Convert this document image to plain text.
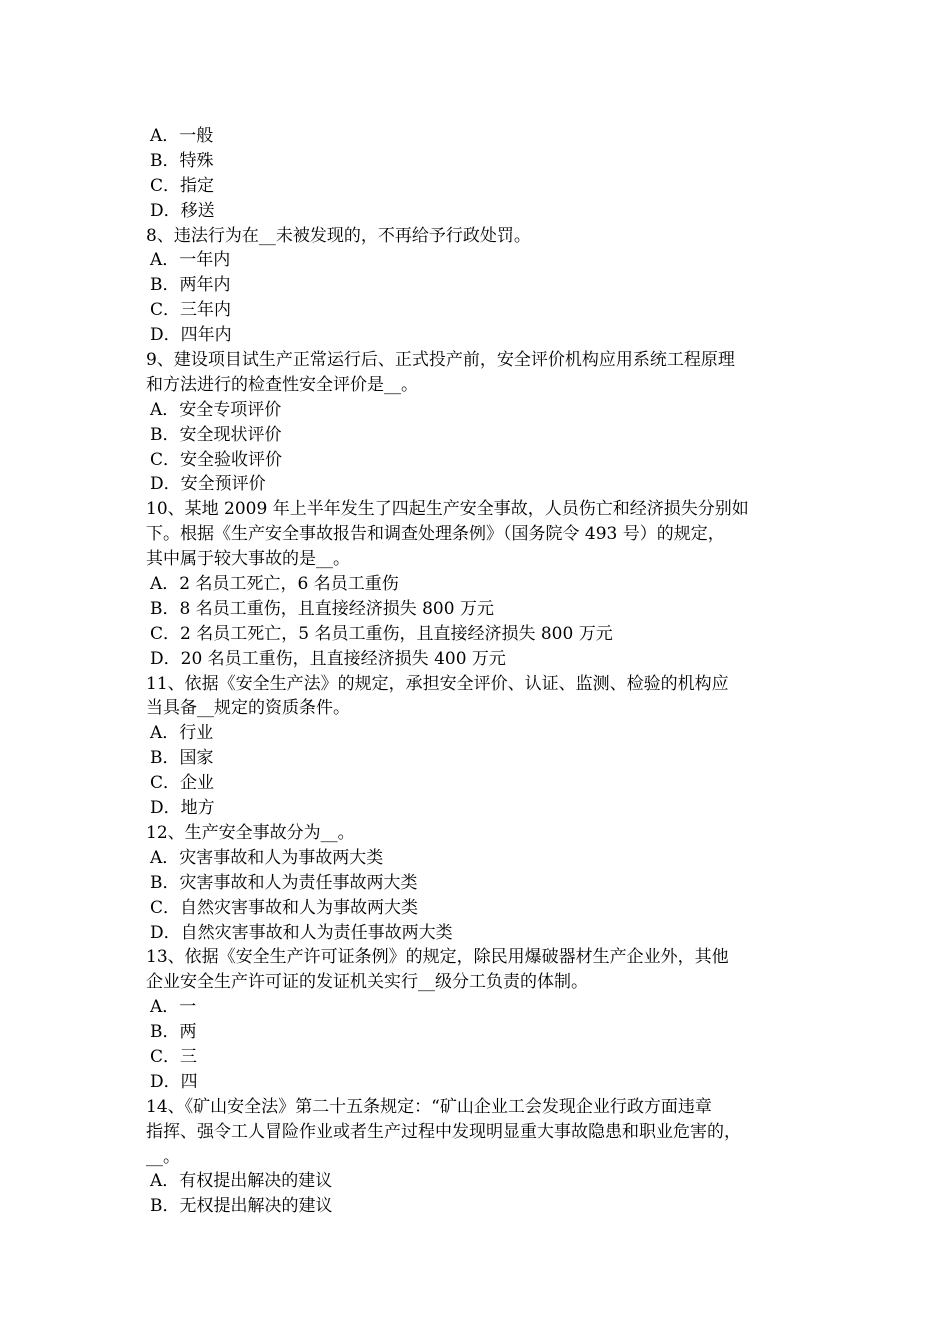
A．一般
B．特殊
C．指定
D．移送
8、违法行为在__未被发现的，不再给予行政处罚。
A．一年内
B．两年内
C．三年内
D．四年内
9、建设项目试生产正常运行后、正式投产前，安全评价机构应用系统工程原理
和方法进行的检查性安全评价是__。
A．安全专项评价
B．安全现状评价
C．安全验收评价
D．安全预评价
10、某地 2009 年上半年发生了四起生产安全事故，人员伤亡和经济损失分别如
下。根据《生产安全事故报告和调查处理条例》（国务院令 493 号）的规定，
其中属于较大事故的是__。
A．2 名员工死亡，6 名员工重伤
B．8 名员工重伤，且直接经济损失 800 万元
C．2 名员工死亡，5 名员工重伤，且直接经济损失 800 万元
D．20 名员工重伤，且直接经济损失 400 万元
11、依据《安全生产法》的规定，承担安全评价、认证、监测、检验的机构应
当具备__规定的资质条件。
A．行业
B．国家
C．企业
D．地方
12、生产安全事故分为__。
A．灾害事故和人为事故两大类
B．灾害事故和人为责任事故两大类
C．自然灾害事故和人为事故两大类
D．自然灾害事故和人为责任事故两大类
13、依据《安全生产许可证条例》的规定，除民用爆破器材生产企业外，其他
企业安全生产许可证的发证机关实行__级分工负责的体制。
A．一
B．两
C．三
D．四
14、《矿山安全法》第二十五条规定：“矿山企业工会发现企业行政方面违章
指挥、强令工人冒险作业或者生产过程中发现明显重大事故隐患和职业危害的，
__。
A．有权提出解决的建议
B．无权提出解决的建议
